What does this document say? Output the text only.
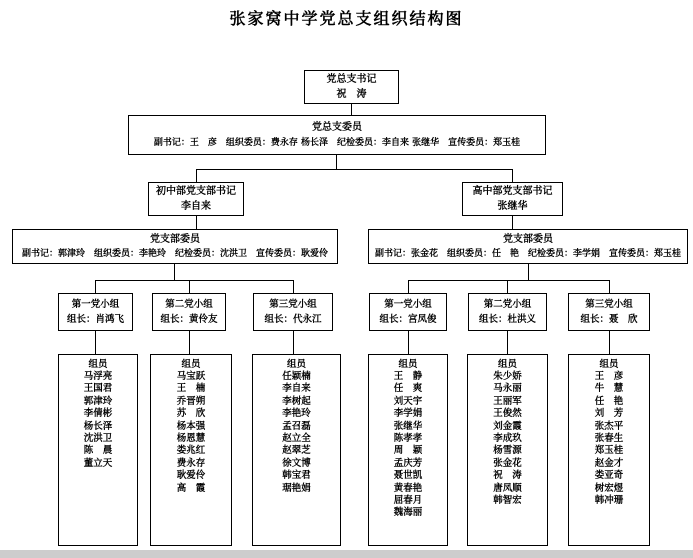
张家窝中学党总支组织结构图
党总支书记
祝　涛
党总支委员
副书记：王　彦　组织委员：费永存 杨长泽　纪检委员：李自来 张继华　宣传委员：郑玉桂
初中部党支部书记
李自来
高中部党支部书记
张继华
党支部委员
副书记：郭津玲　组织委员：李艳玲　纪检委员：沈洪卫　宣传委员：耿爱伶
党支部委员
副书记：张金花　组织委员：任　艳　纪检委员：李学娟　宣传委员：郑玉桂
第一党小组
组长：肖鸿飞
第二党小组
组长：黄伶友
第三党小组
组长：代永江
第一党小组
组长：宫凤俊
第二党小组
组长：杜洪义
第三党小组
组长：聂　欣
组员
马浮亮
王国君
郭津玲
李倩彬
杨长泽
沈洪卫
陈　晨
董立天
组员
马宝跃
王　楠
乔晋朔
苏　欣
杨本强
杨恩慧
娄兆红
费永存
耿爱伶
高　霞
组员
任颖楠
李自来
李树起
李艳玲
孟召磊
赵立全
赵翠芝
徐文博
韩宝君
琚艳娟
组员
王　静
任　爽
刘天宇
李学娟
张继华
陈孝孝
周　颖
孟庆芳
聂世凯
黄春艳
屈春月
魏海丽
组员
朱少娇
马永丽
王丽军
王俊然
刘金霞
李成玖
杨雪源
张金花
祝　涛
唐凤顺
韩智宏
组员
王　彦
牛　慧
任　艳
刘　芳
张杰平
张春生
郑玉桂
赵金才
娄亚奇
树宏煜
韩冲珊
